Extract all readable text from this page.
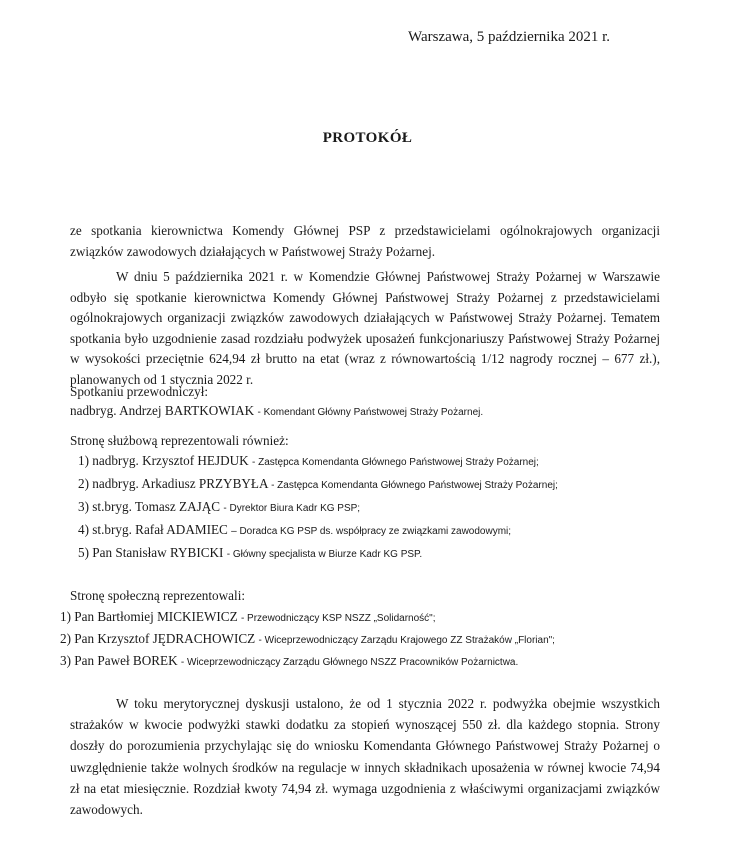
Warszawa, 5 października 2021 r.
PROTOKÓŁ
ze spotkania kierownictwa Komendy Głównej PSP z przedstawicielami ogólnokrajowych organizacji związków zawodowych działających w Państwowej Straży Pożarnej.
W dniu 5 października 2021 r. w Komendzie Głównej Państwowej Straży Pożarnej w Warszawie odbyło się spotkanie kierownictwa Komendy Głównej Państwowej Straży Pożarnej z przedstawicielami ogólnokrajowych organizacji związków zawodowych działających w Państwowej Straży Pożarnej. Tematem spotkania było uzgodnienie zasad rozdziału podwyżek uposażeń funkcjonariuszy Państwowej Straży Pożarnej w wysokości przeciętnie 624,94 zł brutto na etat (wraz z równowartością 1/12 nagrody rocznej – 677 zł.), planowanych od 1 stycznia 2022 r.
Spotkaniu przewodniczył:
nadbryg. Andrzej BARTKOWIAK - Komendant Główny Państwowej Straży Pożarnej.
Stronę służbową reprezentowali również:
1) nadbryg. Krzysztof HEJDUK - Zastępca Komendanta Głównego Państwowej Straży Pożarnej;
2) nadbryg. Arkadiusz PRZYBYŁA - Zastępca Komendanta Głównego Państwowej Straży Pożarnej;
3) st.bryg. Tomasz ZAJĄC - Dyrektor Biura Kadr KG PSP;
4) st.bryg. Rafał ADAMIEC – Doradca KG PSP ds. współpracy ze związkami zawodowymi;
5) Pan Stanisław RYBICKI - Główny specjalista w Biurze Kadr KG PSP.
Stronę społeczną reprezentowali:
1) Pan Bartłomiej MICKIEWICZ - Przewodniczący KSP NSZZ „Solidarność";
2) Pan Krzysztof JĘDRACHOWICZ - Wiceprzewodniczący Zarządu Krajowego ZZ Strażaków „Florian";
3) Pan Paweł BOREK - Wiceprzewodniczący Zarządu Głównego NSZZ Pracowników Pożarnictwa.
W toku merytorycznej dyskusji ustalono, że od 1 stycznia 2022 r. podwyżka obejmie wszystkich strażaków w kwocie podwyżki stawki dodatku za stopień wynoszącej 550 zł. dla każdego stopnia. Strony doszły do porozumienia przychylając się do wniosku Komendanta Głównego Państwowej Straży Pożarnej o uwzględnienie także wolnych środków na regulacje w innych składnikach uposażenia w równej kwocie 74,94 zł na etat miesięcznie. Rozdział kwoty 74,94 zł. wymaga uzgodnienia z właściwymi organizacjami związków zawodowych.
